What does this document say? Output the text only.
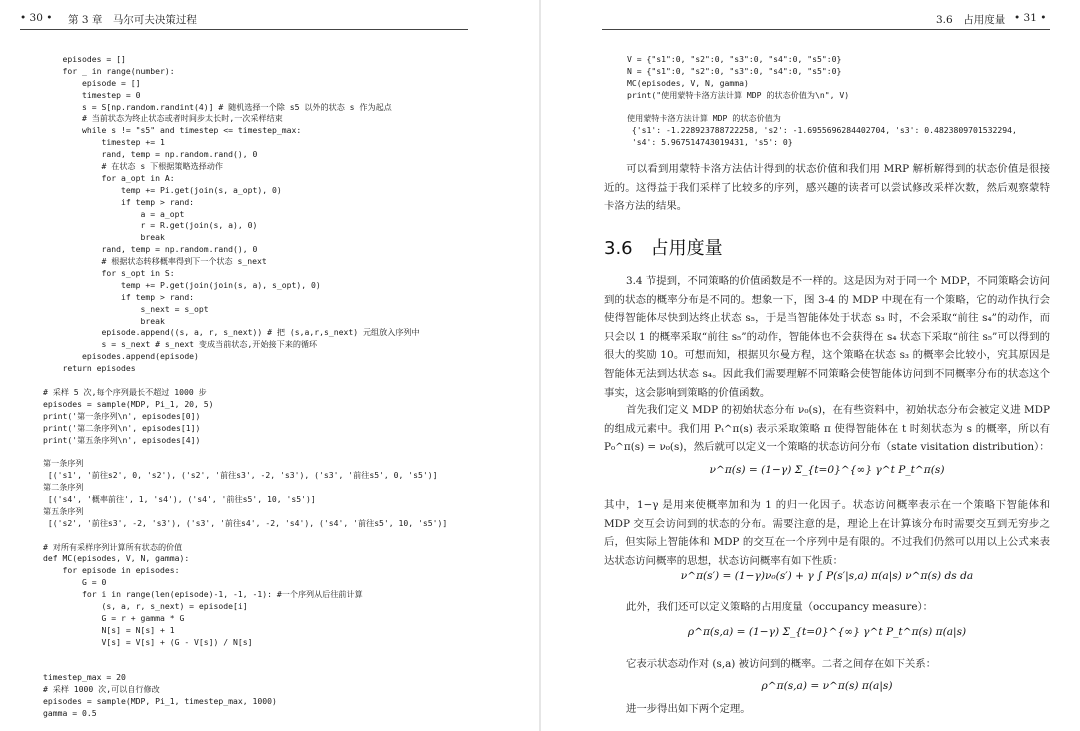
• 30 • 第 3 章　马尔可夫决策过程
episodes = []
for _ in range(number):
episode = []
timestep = 0
s = S[np.random.randint(4)] # 随机选择一个除 s5 以外的状态 s 作为起点
# 当前状态为终止状态或者时间步太长时,一次采样结束
while s != "s5" and timestep <= timestep_max:
timestep += 1
rand, temp = np.random.rand(), 0
# 在状态 s 下根据策略选择动作
for a_opt in A:
temp += Pi.get(join(s, a_opt), 0)
if temp > rand:
a = a_opt
r = R.get(join(s, a), 0)
break
rand, temp = np.random.rand(), 0
# 根据状态转移概率得到下一个状态 s_next
for s_opt in S:
temp += P.get(join(join(s, a), s_opt), 0)
if temp > rand:
s_next = s_opt
break
episode.append((s, a, r, s_next)) # 把 (s,a,r,s_next) 元组放入序列中
s = s_next # s_next 变成当前状态,开始接下来的循环
episodes.append(episode)
return episodes

# 采样 5 次,每个序列最长不超过 1000 步
episodes = sample(MDP, Pi_1, 20, 5)
print('第一条序列\n', episodes[0])
print('第二条序列\n', episodes[1])
print('第五条序列\n', episodes[4])

第一条序列
[('s1', '前往s2', 0, 's2'), ('s2', '前往s3', -2, 's3'), ('s3', '前往s5', 0, 's5')]
第二条序列
[('s4', '概率前往', 1, 's4'), ('s4', '前往s5', 10, 's5')]
第五条序列
[('s2', '前往s3', -2, 's3'), ('s3', '前往s4', -2, 's4'), ('s4', '前往s5', 10, 's5')]

# 对所有采样序列计算所有状态的价值
def MC(episodes, V, N, gamma):
for episode in episodes:
G = 0
for i in range(len(episode)-1, -1, -1): #一个序列从后往前计算
(s, a, r, s_next) = episode[i]
G = r + gamma * G
N[s] = N[s] + 1
V[s] = V[s] + (G - V[s]) / N[s]

timestep_max = 20
# 采样 1000 次,可以自行修改
episodes = sample(MDP, Pi_1, timestep_max, 1000)
gamma = 0.5
3.6　占用度量 • 31 •
V = {"s1":0, "s2":0, "s3":0, "s4":0, "s5":0}
N = {"s1":0, "s2":0, "s3":0, "s4":0, "s5":0}
MC(episodes, V, N, gamma)
print("使用蒙特卡洛方法计算 MDP 的状态价值为\n", V)

使用蒙特卡洛方法计算 MDP 的状态价值为
{'s1': -1.228923788722258, 's2': -1.6955696284402704, 's3': 0.4823809701532294,
's4': 5.967514743019431, 's5': 0}
可以看到用蒙特卡洛方法估计得到的状态价值和我们用 MRP 解析解得到的状态价值是很接近的。这得益于我们采样了比较多的序列，感兴趣的读者可以尝试修改采样次数，然后观察蒙特卡洛方法的结果。
3.6　占用度量
3.4 节提到，不同策略的价值函数是不一样的。这是因为对于同一个 MDP，不同策略会访问到的状态的概率分布是不同的。想象一下，图 3-4 的 MDP 中现在有一个策略，它的动作执行会使得智能体尽快到达终止状态 s₅，于是当智能体处于状态 s₃ 时，不会采取“前往 s₄”的动作，而只会以 1 的概率采取“前往 s₅”的动作，智能体也不会获得在 s₄ 状态下采取“前往 s₅”可以得到的很大的奖励 10。可想而知，根据贝尔曼方程，这个策略在状态 s₃ 的概率会比较小，究其原因是智能体无法到达状态 s₄。因此我们需要理解不同策略会使智能体访问到不同概率分布的状态这个事实，这会影响到策略的价值函数。
首先我们定义 MDP 的初始状态分布 ν₀(s)，在有些资料中，初始状态分布会被定义进 MDP 的组成元素中。我们用 Pₜ^π(s) 表示采取策略 π 使得智能体在 t 时刻状态为 s 的概率，所以有 P₀^π(s) = ν₀(s)，然后就可以定义一个策略的状态访问分布（state visitation distribution）：
ν^π(s) = (1−γ) Σ_{t=0}^{∞} γ^t P_t^π(s)
其中，1−γ 是用来使概率加和为 1 的归一化因子。状态访问概率表示在一个策略下智能体和 MDP 交互会访问到的状态的分布。需要注意的是，理论上在计算该分布时需要交互到无穷步之后，但实际上智能体和 MDP 的交互在一个序列中是有限的。不过我们仍然可以用以上公式来表达状态访问概率的思想，状态访问概率有如下性质：
ν^π(s′) = (1−γ)ν₀(s′) + γ ∫ P(s′|s,a) π(a|s) ν^π(s) ds da
此外，我们还可以定义策略的占用度量（occupancy measure）：
ρ^π(s,a) = (1−γ) Σ_{t=0}^{∞} γ^t P_t^π(s) π(a|s)
它表示状态动作对 (s,a) 被访问到的概率。二者之间存在如下关系：
ρ^π(s,a) = ν^π(s) π(a|s)
进一步得出如下两个定理。
